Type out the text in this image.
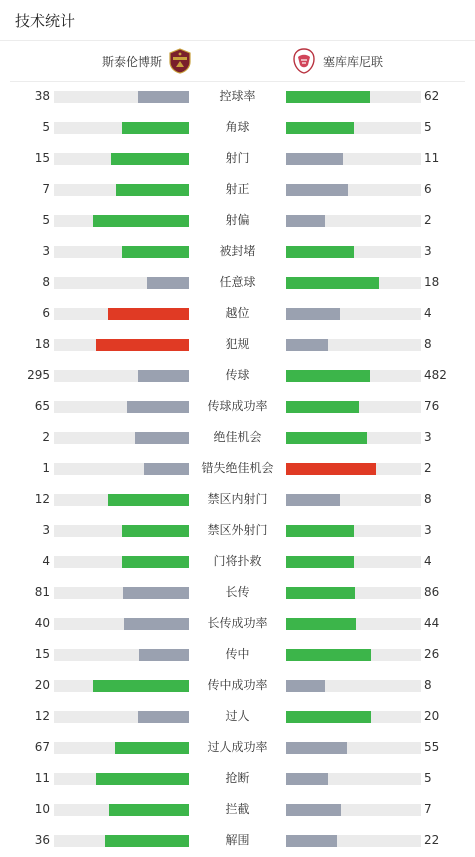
技术统计
斯泰伦博斯	塞库库尼联
38	控球率	62
5	角球	5
15	射门	11
7	射正	6
5	射偏	2
3	被封堵	3
8	任意球	18
6	越位	4
18	犯规	8
295	传球	482
65	传球成功率	76
2	绝佳机会	3
1	错失绝佳机会	2
12	禁区内射门	8
3	禁区外射门	3
4	门将扑救	4
81	长传	86
40	长传成功率	44
15	传中	26
20	传中成功率	8
12	过人	20
67	过人成功率	55
11	抢断	5
10	拦截	7
36	解围	22
